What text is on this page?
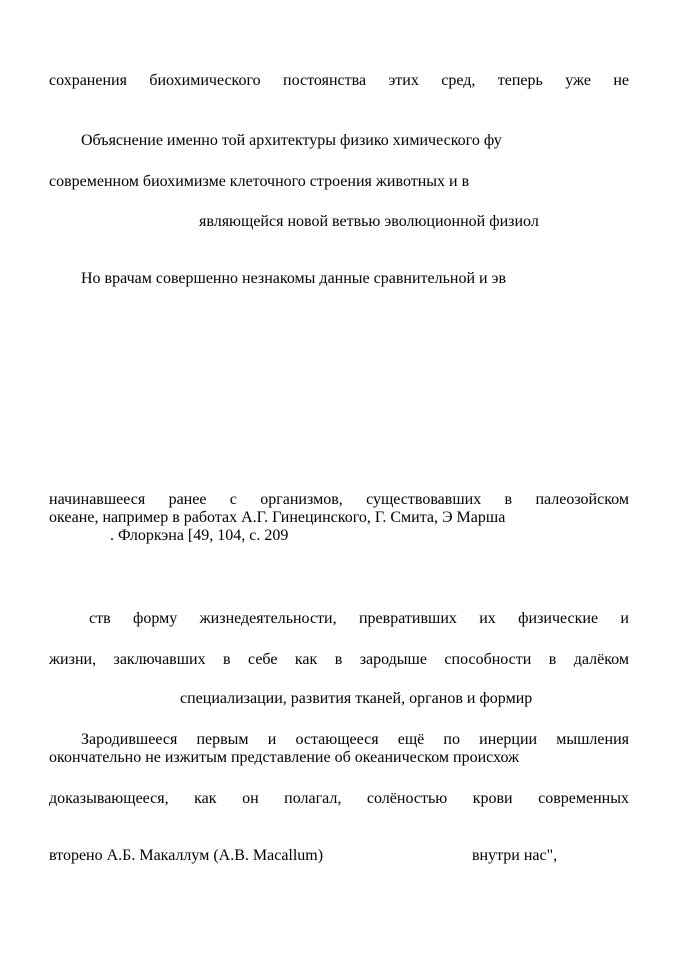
сохранения биохимического постоянства этих сред, теперь уже не

Объяснение именно той архитектуры физико химического фу

современном биохимизме клеточного строения животных и в

являющейся новой ветвью эволюционной физиол

Но врачам совершенно незнакомы данные сравнительной и эв

начинавшееся ранее с организмов, существовавших в палеозойском

океане, например в работах А.Г. Гинецинского, Г. Смита, Э Марша

. Флоркэна [49, 104, с. 209

ств форму жизнедеятельности, превративших их физические и

жизни, заключавших в себе как в зародыше способности в далёком

специализации, развития тканей, органов и формир

Зародившееся первым и остающееся ещё по инерции мышления

окончательно не изжитым представление об океаническом происхож

доказывающееся, как он полагал, солёностью крови современных

вторено А.Б. Макаллум (A.B. Macallum)	внутри нас",
